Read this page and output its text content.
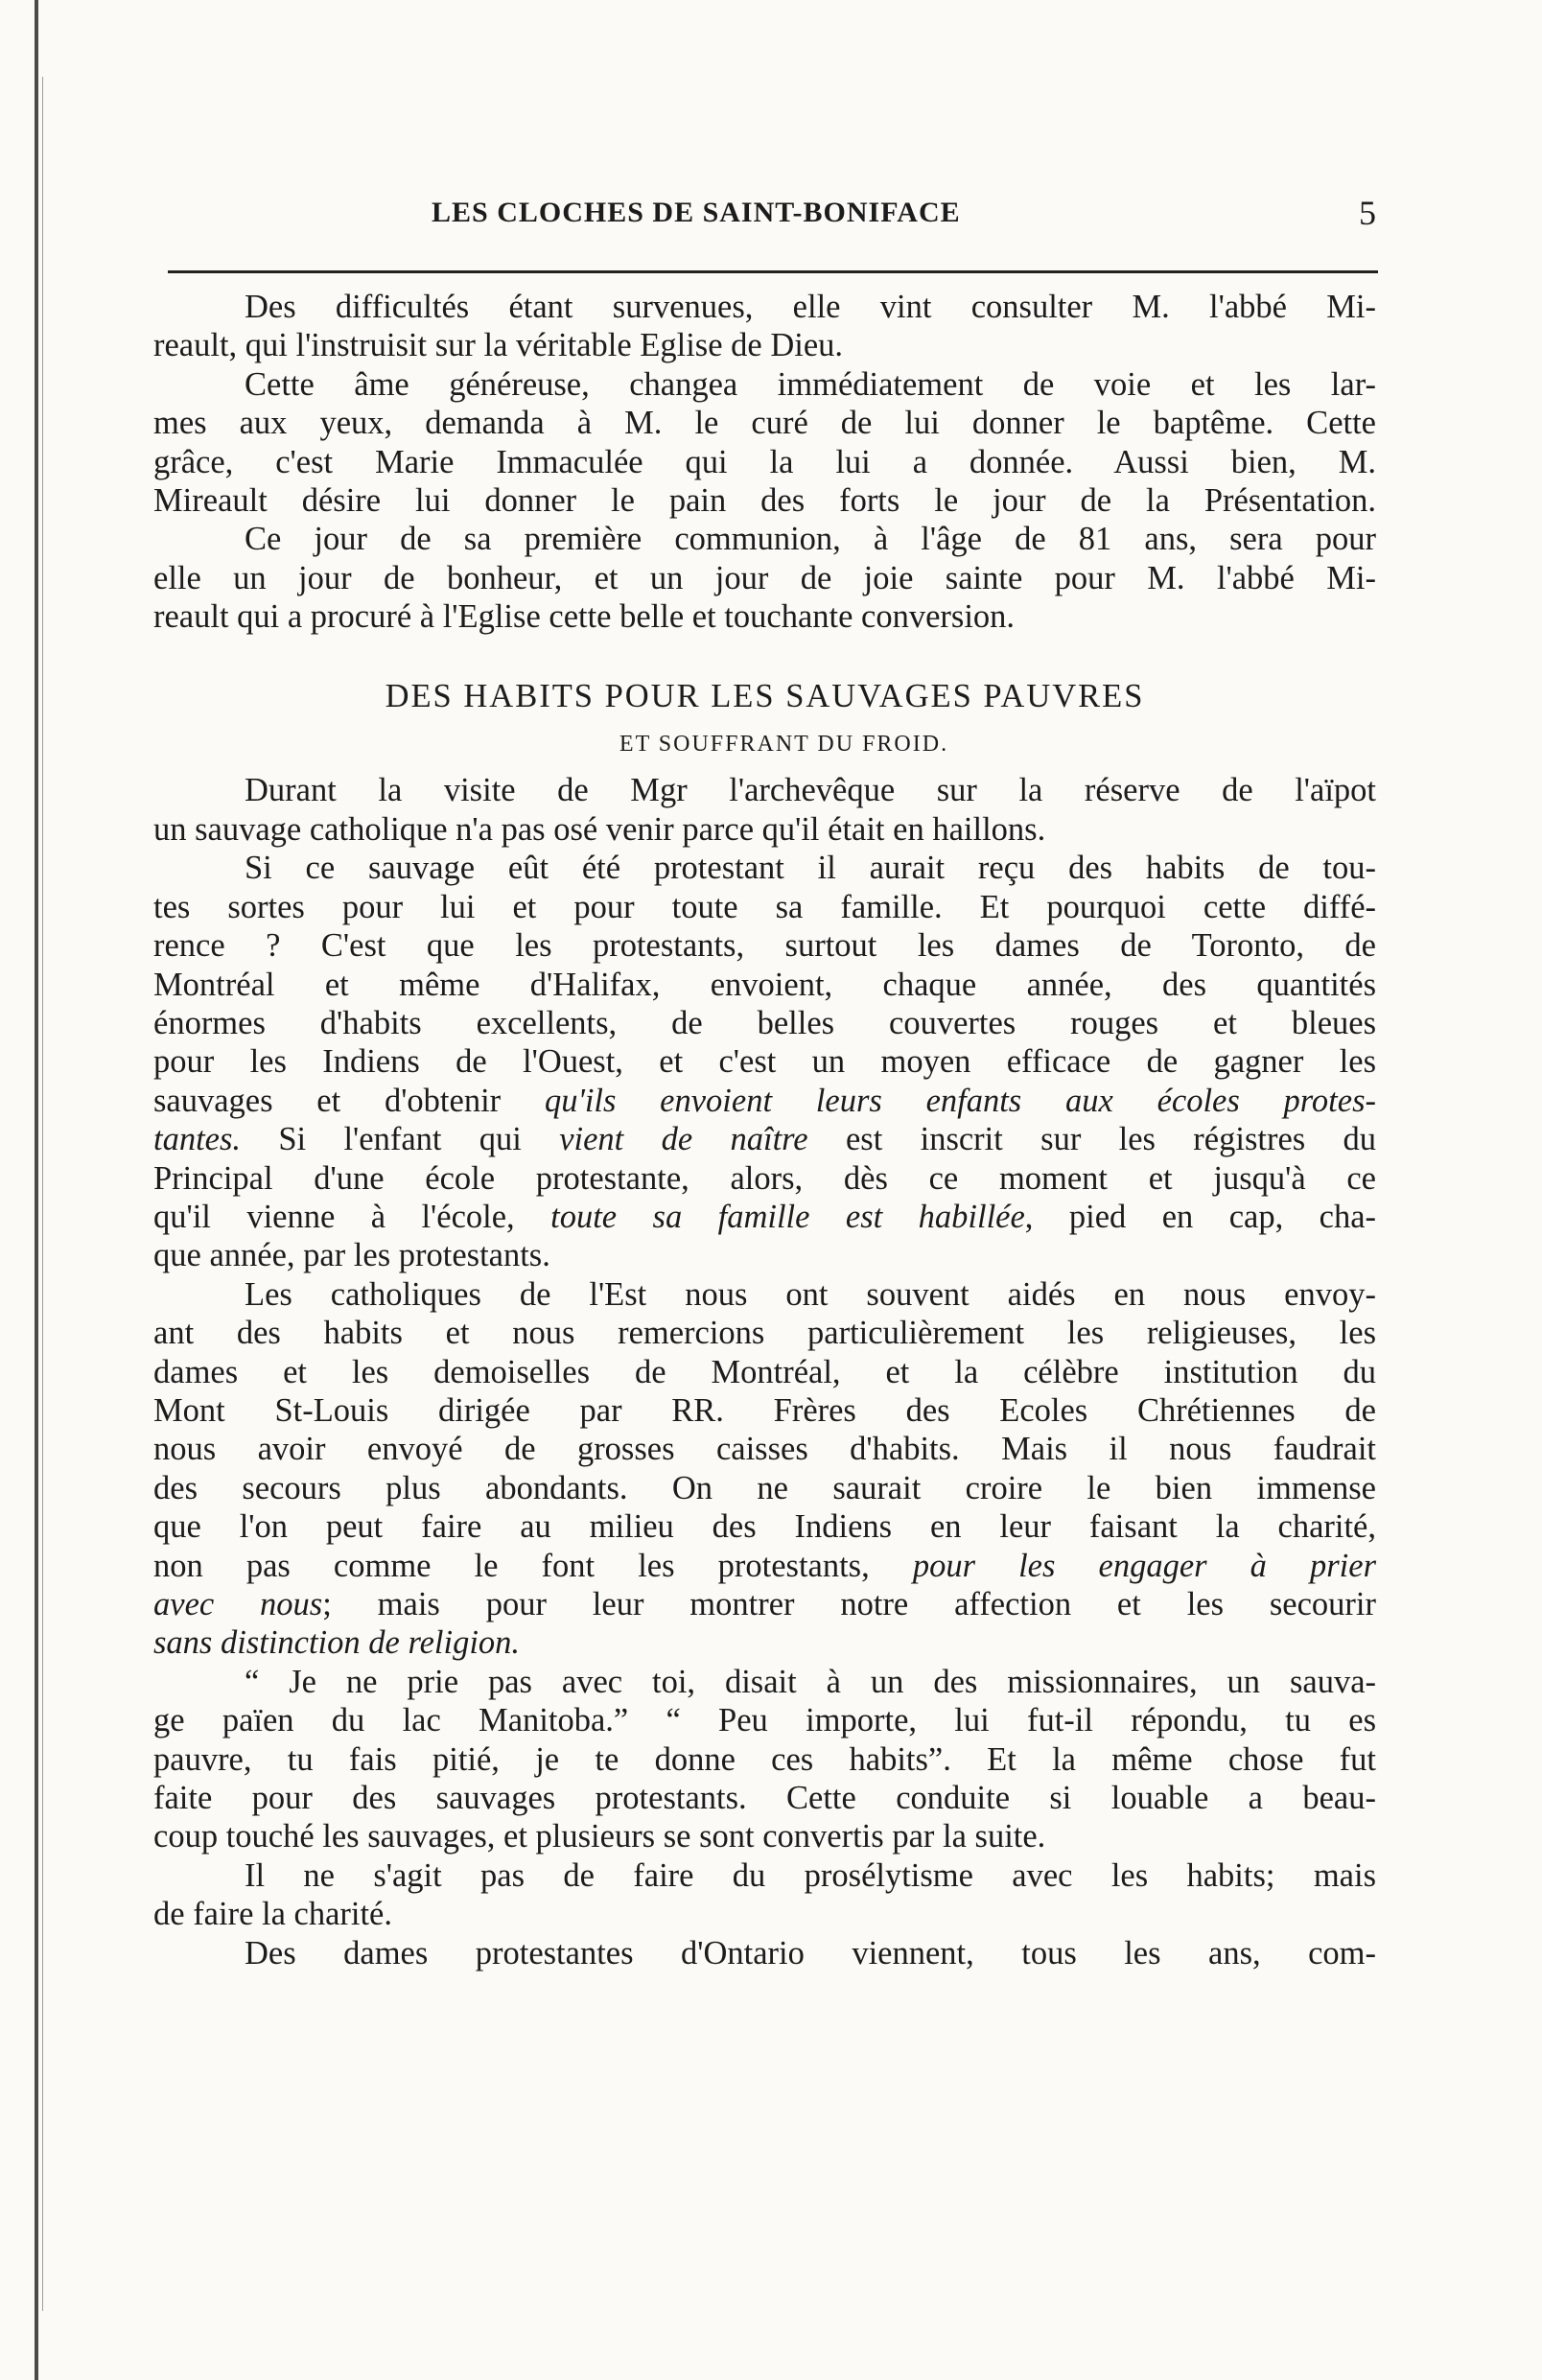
LES CLOCHES DE SAINT-BONIFACE	5
Des difficultés étant survenues, elle vint consulter M. l'abbé Mi-
reault, qui l'instruisit sur la véritable Eglise de Dieu.
Cette âme généreuse, changea immédiatement de voie et les lar-
mes aux yeux, demanda à M. le curé de lui donner le baptême. Cette
grâce, c'est Marie Immaculée qui la lui a donnée. Aussi bien, M.
Mireault désire lui donner le pain des forts le jour de la Présentation.
Ce jour de sa première communion, à l'âge de 81 ans, sera pour
elle un jour de bonheur, et un jour de joie sainte pour M. l'abbé Mi-
reault qui a procuré à l'Eglise cette belle et touchante conversion.
DES HABITS POUR LES SAUVAGES PAUVRES
ET SOUFFRANT DU FROID.
Durant la visite de Mgr l'archevêque sur la réserve de l'aïpot
un sauvage catholique n'a pas osé venir parce qu'il était en haillons.
Si ce sauvage eût été protestant il aurait reçu des habits de tou-
tes sortes pour lui et pour toute sa famille. Et pourquoi cette diffé-
rence ? C'est que les protestants, surtout les dames de Toronto, de
Montréal et même d'Halifax, envoient, chaque année, des quantités
énormes d'habits excellents, de belles couvertes rouges et bleues
pour les Indiens de l'Ouest, et c'est un moyen efficace de gagner les
sauvages et d'obtenir qu'ils envoient leurs enfants aux écoles protes-
tantes. Si l'enfant qui vient de naître est inscrit sur les régistres du
Principal d'une école protestante, alors, dès ce moment et jusqu'à ce
qu'il vienne à l'école, toute sa famille est habillée, pied en cap, cha-
que année, par les protestants.
Les catholiques de l'Est nous ont souvent aidés en nous envoy-
ant des habits et nous remercions particulièrement les religieuses, les
dames et les demoiselles de Montréal, et la célèbre institution du
Mont St-Louis dirigée par RR. Frères des Ecoles Chrétiennes de
nous avoir envoyé de grosses caisses d'habits. Mais il nous faudrait
des secours plus abondants. On ne saurait croire le bien immense
que l'on peut faire au milieu des Indiens en leur faisant la charité,
non pas comme le font les protestants, pour les engager à prier
avec nous; mais pour leur montrer notre affection et les secourir
sans distinction de religion.
“ Je ne prie pas avec toi, disait à un des missionnaires, un sauva-
ge païen du lac Manitoba.” “ Peu importe, lui fut-il répondu, tu es
pauvre, tu fais pitié, je te donne ces habits”. Et la même chose fut
faite pour des sauvages protestants. Cette conduite si louable a beau-
coup touché les sauvages, et plusieurs se sont convertis par la suite.
Il ne s'agit pas de faire du prosélytisme avec les habits; mais
de faire la charité.
Des dames protestantes d'Ontario viennent, tous les ans, com-
